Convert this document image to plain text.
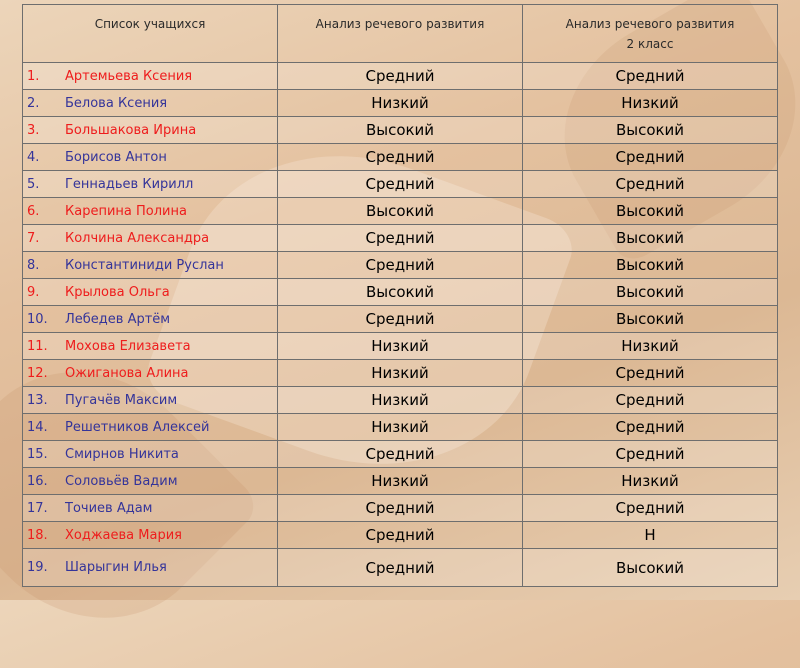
Список учащихся	Анализ речевого развития	Анализ речевого развития
2 класс

1. Артемьева Ксения	Средний	Средний
2. Белова Ксения	Низкий	Низкий
3. Большакова Ирина	Высокий	Высокий
4. Борисов Антон	Средний	Средний
5. Геннадьев Кирилл	Средний	Средний
6. Карепина Полина	Высокий	Высокий
7. Колчина Александра	Средний	Высокий
8. Константиниди Руслан	Средний	Высокий
9. Крылова Ольга	Высокий	Высокий
10. Лебедев Артём	Средний	Высокий
11. Мохова Елизавета	Низкий	Низкий
12. Ожиганова Алина	Низкий	Средний
13. Пугачёв Максим	Низкий	Средний
14. Решетников Алексей	Низкий	Средний
15. Смирнов Никита	Средний	Средний
16. Соловьёв Вадим	Низкий	Низкий
17. Точиев Адам	Средний	Средний
18. Ходжаева Мария	Средний	Н
19. Шарыгин Илья	Средний	Высокий
